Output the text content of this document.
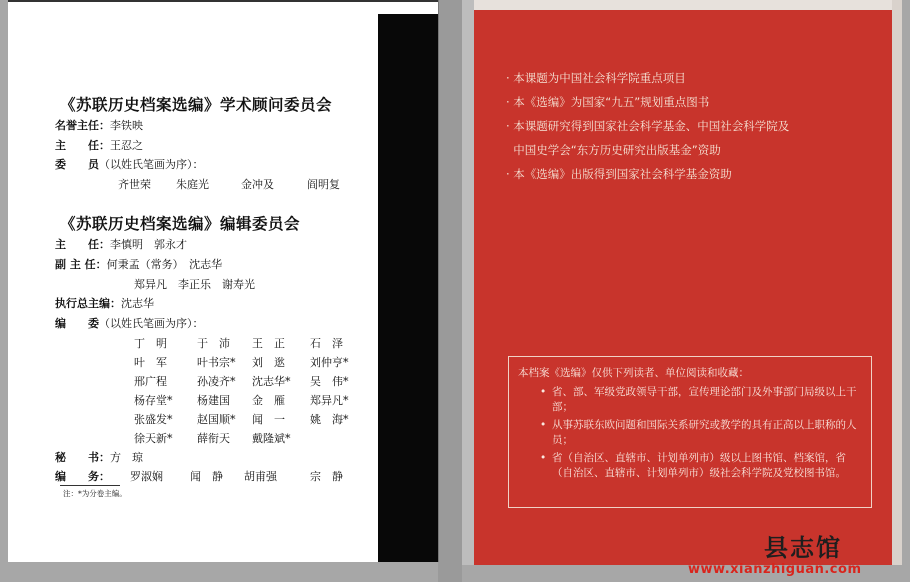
《苏联历史档案选编》学术顾问委员会
名誉主任：李铁映
主　　任：王忍之
委　　员（以姓氏笔画为序）：
齐世荣 朱庭光	金冲及	阎明复
《苏联历史档案选编》编辑委员会
主　　任：李慎明　郭永才
副 主 任：何秉孟（常务）　沈志华
郑异凡　李正乐　谢寿光
执行总主编：沈志华
编　　委（以姓氏笔画为序）：
丁　明	于　沛 王　正 石　泽
叶　军	叶书宗* 刘　逖 刘仲亨*
邢广程	孙凌齐* 沈志华* 吴　伟*
杨存堂* 杨建国 金　雁 郑异凡*
张盛发* 赵国顺* 闻　一 姚　海*
徐天新* 薛衔天 戴隆斌*
秘　　书：方　琼
编　　务： 罗淑娴 闻　静 胡甫强	宗　静
注：*为分卷主编。
· 本课题为中国社会科学院重点项目
· 本《选编》为国家“九五”规划重点图书
· 本课题研究得到国家社会科学基金、中国社会科学院及
中国史学会“东方历史研究出版基金”资助
· 本《选编》出版得到国家社会科学基金资助
本档案《选编》仅供下列读者、单位阅读和收藏：
• 省、部、军级党政领导干部，宣传理论部门及外事部门局级以上干部；
• 从事苏联东欧问题和国际关系研究或教学的具有正高以上职称的人员；
• 省（自治区、直辖市、计划单列市）级以上图书馆、档案馆，省（自治区、直辖市、计划单列市）级社会科学院及党校图书馆。
县志馆
www.xianzhiguan.com
